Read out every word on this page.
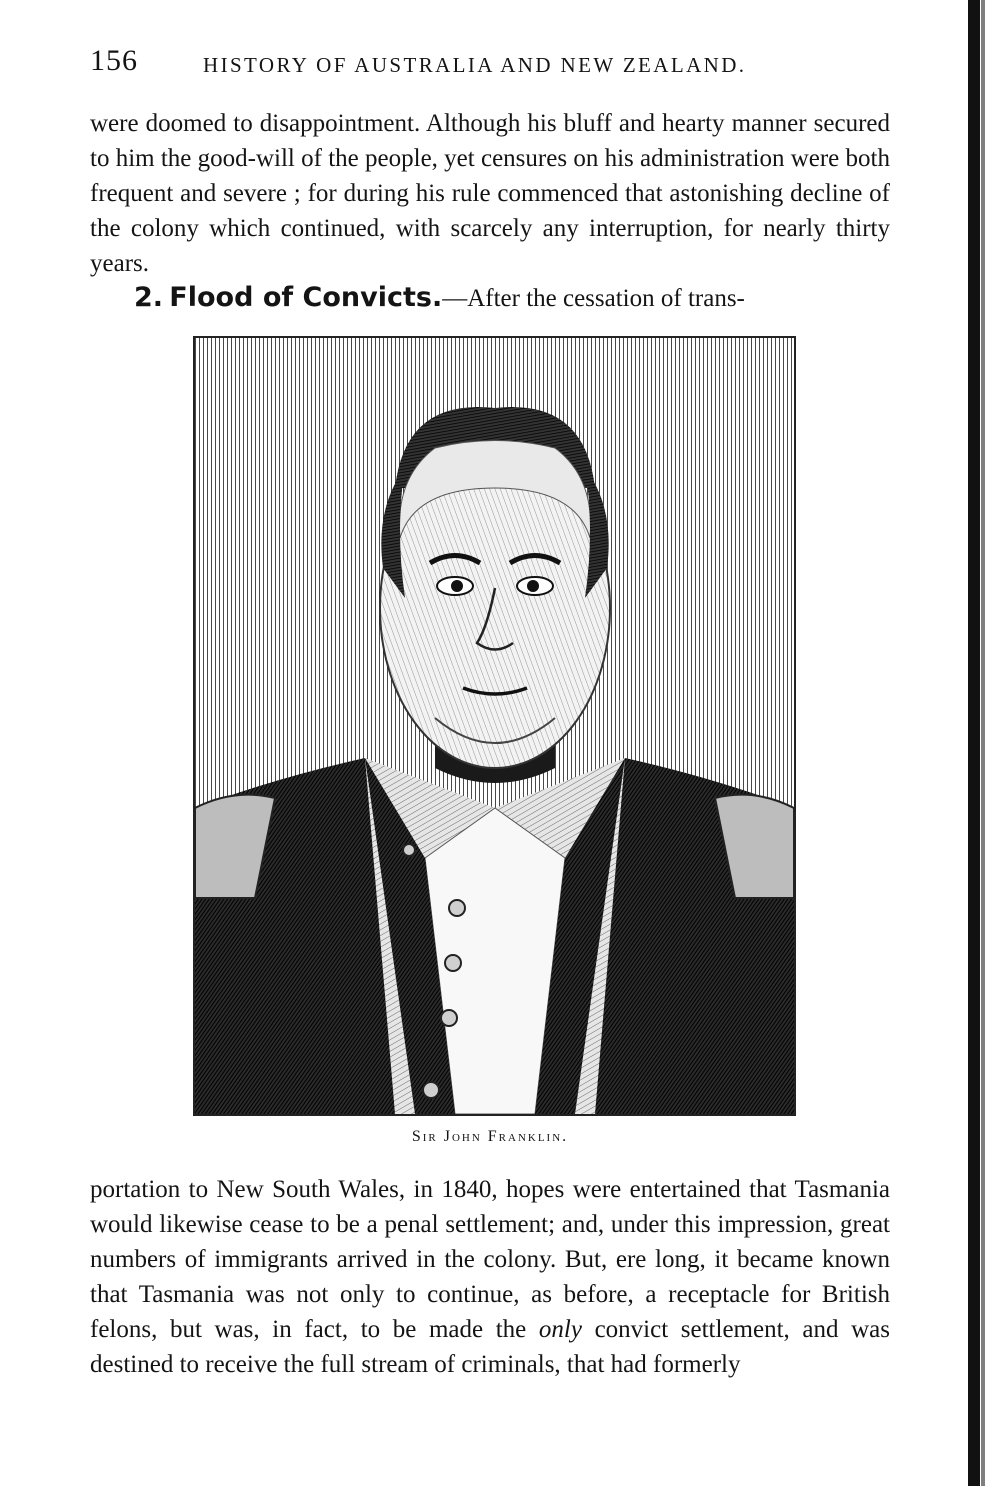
156	HISTORY OF AUSTRALIA AND NEW ZEALAND.

were doomed to disappointment. Although his bluff and hearty manner secured to him the good-will of the people, yet censures on his administration were both frequent and severe ; for during his rule commenced that astonishing decline of the colony which continued, with scarcely any interruption, for nearly thirty years.

2. Flood of Convicts.—After the cessation of trans-
Sir John Franklin.

portation to New South Wales, in 1840, hopes were entertained that Tasmania would likewise cease to be a penal settlement; and, under this impression, great numbers of immigrants arrived in the colony. But, ere long, it became known that Tasmania was not only to continue, as before, a receptacle for British felons, but was, in fact, to be made the only convict settlement, and was destined to receive the full stream of criminals, that had formerly
